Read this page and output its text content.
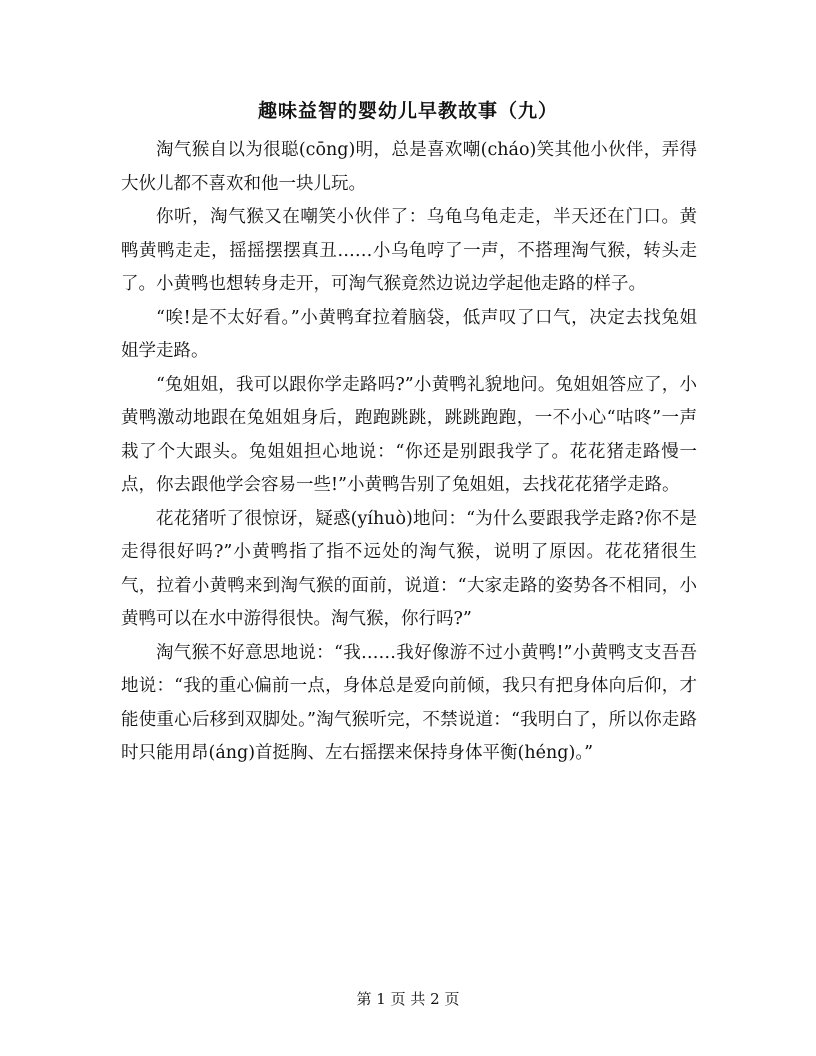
趣味益智的婴幼儿早教故事（九）

淘气猴自以为很聪(cōng)明，总是喜欢嘲(cháo)笑其他小伙伴，弄得大伙儿都不喜欢和他一块儿玩。

你听，淘气猴又在嘲笑小伙伴了：乌龟乌龟走走，半天还在门口。黄鸭黄鸭走走，摇摇摆摆真丑……小乌龟哼了一声，不搭理淘气猴，转头走了。小黄鸭也想转身走开，可淘气猴竟然边说边学起他走路的样子。

“唉!是不太好看。”小黄鸭耷拉着脑袋，低声叹了口气，决定去找兔姐姐学走路。

“兔姐姐，我可以跟你学走路吗?”小黄鸭礼貌地问。兔姐姐答应了，小黄鸭激动地跟在兔姐姐身后，跑跑跳跳，跳跳跑跑，一不小心“咕咚”一声栽了个大跟头。兔姐姐担心地说：“你还是别跟我学了。花花猪走路慢一点，你去跟他学会容易一些!”小黄鸭告别了兔姐姐，去找花花猪学走路。

花花猪听了很惊讶，疑惑(yíhuò)地问：“为什么要跟我学走路?你不是走得很好吗?”小黄鸭指了指不远处的淘气猴，说明了原因。花花猪很生气，拉着小黄鸭来到淘气猴的面前，说道：“大家走路的姿势各不相同，小黄鸭可以在水中游得很快。淘气猴，你行吗?”

淘气猴不好意思地说：“我……我好像游不过小黄鸭!”小黄鸭支支吾吾地说：“我的重心偏前一点，身体总是爱向前倾，我只有把身体向后仰，才能使重心后移到双脚处。”淘气猴听完，不禁说道：“我明白了，所以你走路时只能用昂(áng)首挺胸、左右摇摆来保持身体平衡(héng)。”

第 1 页 共 2 页
